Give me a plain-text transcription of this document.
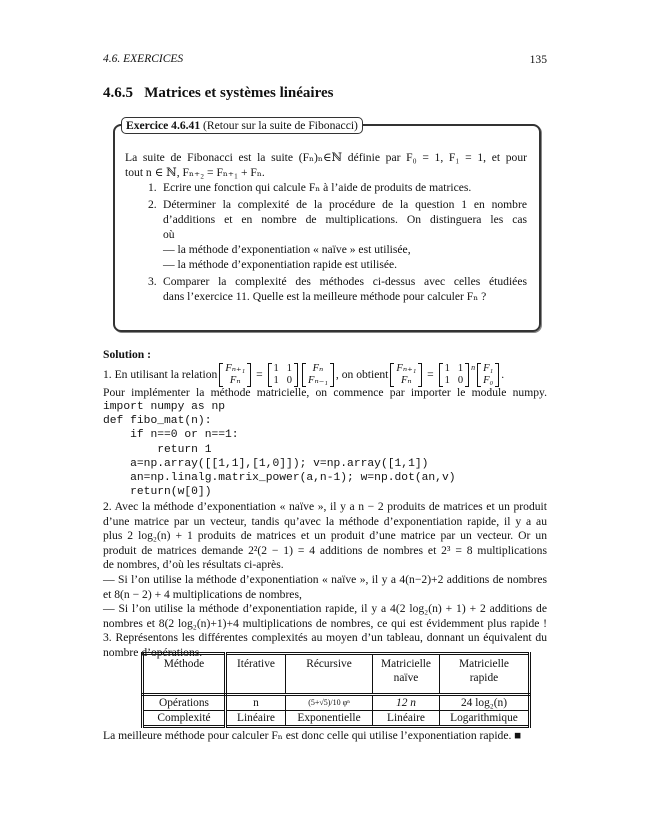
4.6. EXERCICES	135
4.6.5   Matrices et systèmes linéaires
La suite de Fibonacci est la suite (Fₙ)ₙ∈ℕ définie par F₀ = 1, F₁ = 1, et pour
tout n ∈ ℕ, Fₙ₊₂ = Fₙ₊₁ + Fₙ.
1. Ecrire une fonction qui calcule Fₙ à l’aide de produits de matrices.
2. Déterminer la complexité de la procédure de la question 1 en nombre
d’additions et en nombre de multiplications. On distinguera les cas
où
— la méthode d’exponentiation « naïve » est utilisée,
— la méthode d’exponentiation rapide est utilisée.
3. Comparer la complexité des méthodes ci-dessus avec celles étudiées
dans l’exercice 11. Quelle est la meilleure méthode pour calculer Fₙ ?
Exercice 4.6.41 (Retour sur la suite de Fibonacci)
Solution :
1. En utilisant la relation Fₙ₊₁
Fₙ	= 1 1
1 0
Fₙ
Fₙ₋₁ , on obtient Fₙ₊₁
Fₙ	= 1 1
1 0
$^n$ F₁
F₀ .
Pour implémenter la méthode matricielle, on commence par importer le module numpy.
import numpy as np
def fibo_mat(n):
if n==0 or n==1:
return 1
a=np.array([[1,1],[1,0]]); v=np.array([1,1])
an=np.linalg.matrix_power(a,n-1); w=np.dot(an,v)
return(w[0])
2. Avec la méthode d’exponentiation « naïve », il y a n − 2 produits de matrices et un produit
d’une matrice par un vecteur, tandis qu’avec la méthode d’exponentiation rapide, il y a au
plus 2 log₂(n) + 1 produits de matrices et un produit d’une matrice par un vecteur. Or un
produit de matrices demande 2²(2 − 1) = 4 additions de nombres et 2³ = 8 multiplications
de nombres, d’où les résultats ci-après.
— Si l’on utilise la méthode d’exponentiation « naïve », il y a 4(n−2)+2 additions de nombres
et 8(n − 2) + 4 multiplications de nombres,
— Si l’on utilise la méthode d’exponentiation rapide, il y a 4(2 log₂(n) + 1) + 2 additions de
nombres et 8(2 log₂(n)+1)+4 multiplications de nombres, ce qui est évidemment plus rapide !
3. Représentons les différentes complexités au moyen d’un tableau, donnant un équivalent du
nombre d’opérations.
Méthode	Itérative	Récursive	Matricielle naïve	Matricielle rapide
Opérations	n	(5+√5)/10 φⁿ	12 n	24 log₂(n)
Complexité	Linéaire	Exponentielle	Linéaire	Logarithmique
La meilleure méthode pour calculer Fₙ est donc celle qui utilise l’exponentiation rapide. ■
